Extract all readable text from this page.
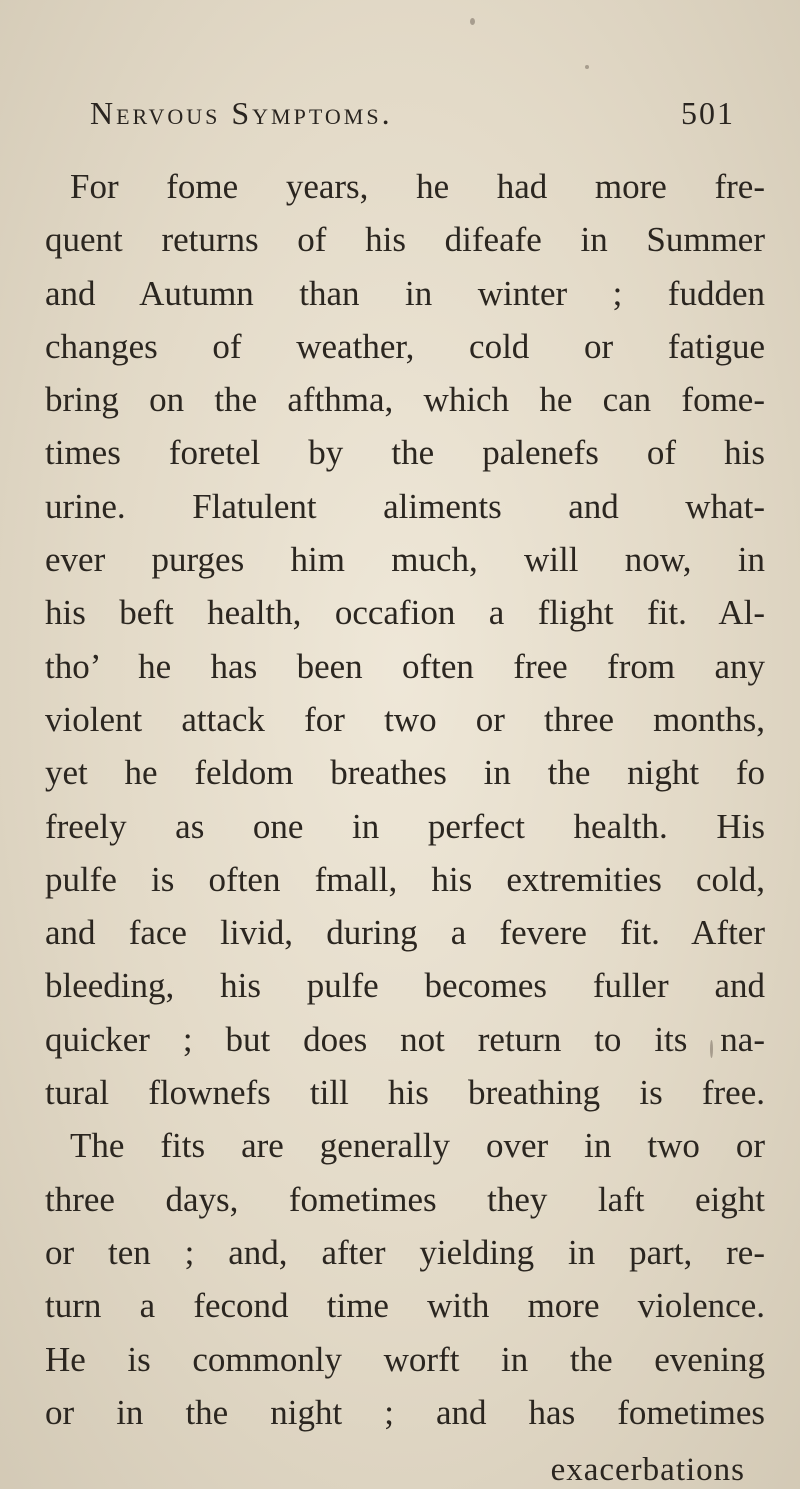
Nervous Symptoms.	501
For fome years, he had more fre-
quent returns of his difeafe in Summer
and Autumn than in winter ; fudden
changes of weather, cold or fatigue
bring on the afthma, which he can fome-
times foretel by the palenefs of his
urine. Flatulent aliments and what-
ever purges him much, will now, in
his beft health, occafion a flight fit. Al-
tho’ he has been often free from any
violent attack for two or three months,
yet he feldom breathes in the night fo
freely as one in perfect health. His
pulfe is often fmall, his extremities cold,
and face livid, during a fevere fit. After
bleeding, his pulfe becomes fuller and
quicker ; but does not return to its na-
tural flownefs till his breathing is free.
The fits are generally over in two or
three days, fometimes they laft eight
or ten ; and, after yielding in part, re-
turn a fecond time with more violence.
He is commonly worft in the evening
or in the night ; and has fometimes
exacerbations
